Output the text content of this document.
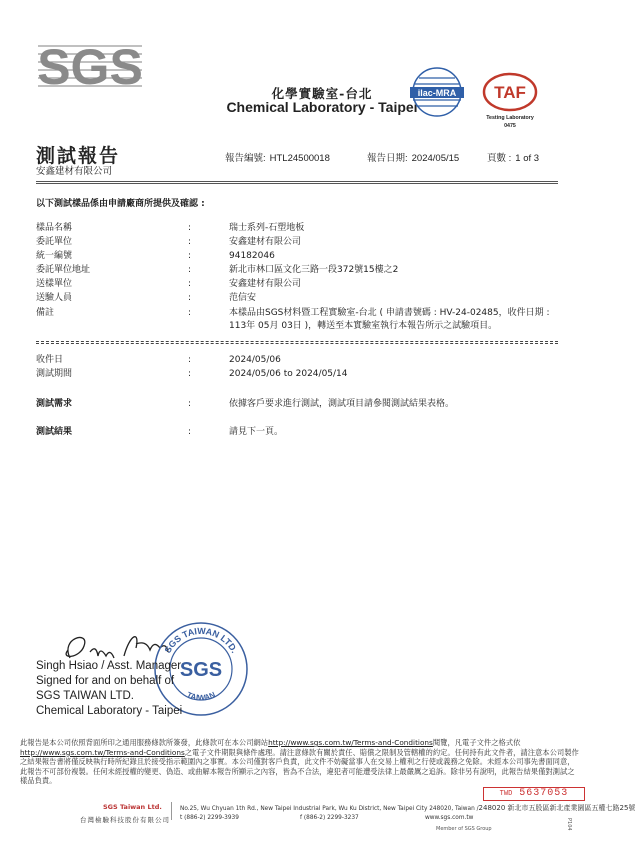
SGS	化學實驗室-台北
Chemical Laboratory - Taipei
ilac-MRA TAF
Testing Laboratory
0475
測試報告
安鑫建材有限公司
報告編號: HTL24500018	報告日期: 2024/05/15	頁數 : 1 of 3
以下測試樣品係由申請廠商所提供及確認 :
樣品名稱	:	瑞士系列-石塑地板
委託單位	:	安鑫建材有限公司
統一編號	:	94182046
委託單位地址	:	新北市林口區文化三路一段372號15樓之2
送樣單位	:	安鑫建材有限公司
送驗人員	:	范信安
備註	:	本樣品由SGS材料暨工程實驗室-台北 ( 申請書號碼 : HV-24-02485，收件日期 : 113年 05月 03日 )，轉送至本實驗室執行本報告所示之試驗項目。
收件日	:	2024/05/06
測試期間	:	2024/05/06 to 2024/05/14
測試需求	:	依據客戶要求進行測試，測試項目請參閱測試結果表格。
測試結果	:	請見下一頁。
SGS TAIWAN LTD.
SGS
TAIWAN
Singh Hsiao / Asst. Manager
Signed for and on behalf of
SGS TAIWAN LTD.
Chemical Laboratory - Taipei
此報告是本公司依照背面所印之通用服務條款所簽發，此條款可在本公司網站http://www.sgs.com.tw/Terms-and-Conditions閱覽，凡電子文件之格式依http://www.sgs.com.tw/Terms-and-Conditions之電子文件期限與條件處理。請注意條款有關於責任、賠償之限制及管轄權的約定。任何持有此文件者，請注意本公司製作之結果報告書將僅反映執行時所紀錄且於接受指示範圍內之事實。本公司僅對客戶負責，此文件不妨礙當事人在交易上權利之行使或義務之免除。未經本公司事先書面同意，此報告不可部份複製。任何未經授權的變更、偽造、或曲解本報告所顯示之內容，皆為不合法，違犯者可能遭受法律上最嚴厲之追訴。除非另有說明，此報告結果僅對測試之樣品負責。
TWD 5637053
P104
SGS Taiwan Ltd.
台灣檢驗科技股份有限公司
No.25, Wu Chyuan 1th Rd., New Taipei Industrial Park, Wu Ku District, New Taipei City 248020, Taiwan /248020 新北市五股區新北產業園區五權七路25號
t (886-2) 2299-3939	f (886-2) 2299-3237	www.sgs.com.tw
Member of SGS Group
